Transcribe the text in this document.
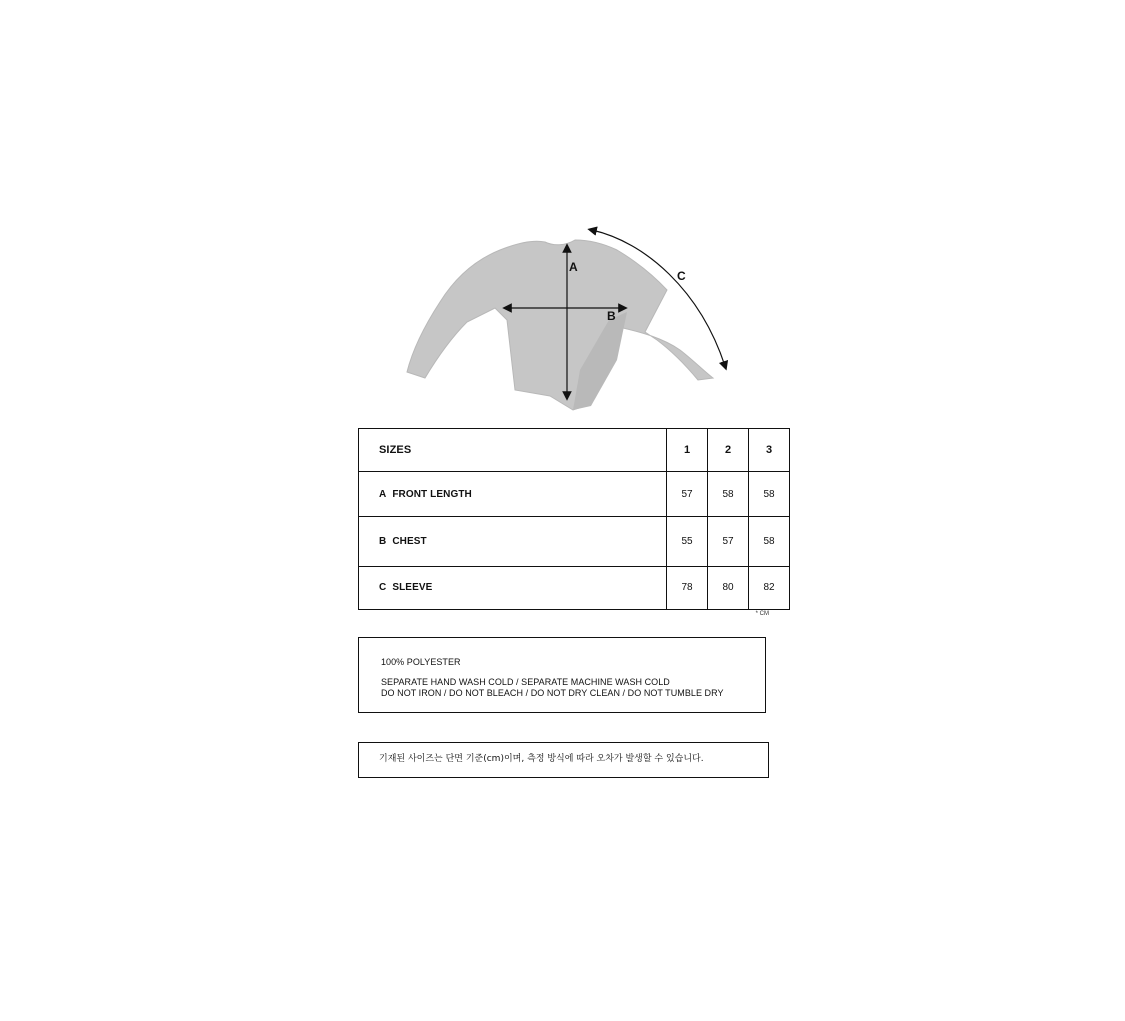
A
B
C
SIZES	1	2	3
A FRONT LENGTH	57	58	58
B CHEST	55	57	58
C SLEEVE	78	80	82
* CM
100% POLYESTER
SEPARATE HAND WASH COLD / SEPARATE MACHINE WASH COLD
DO NOT IRON / DO NOT BLEACH / DO NOT DRY CLEAN / DO NOT TUMBLE DRY
기재된 사이즈는 단면 기준(cm)이며, 측정 방식에 따라 오차가 발생할 수 있습니다.
